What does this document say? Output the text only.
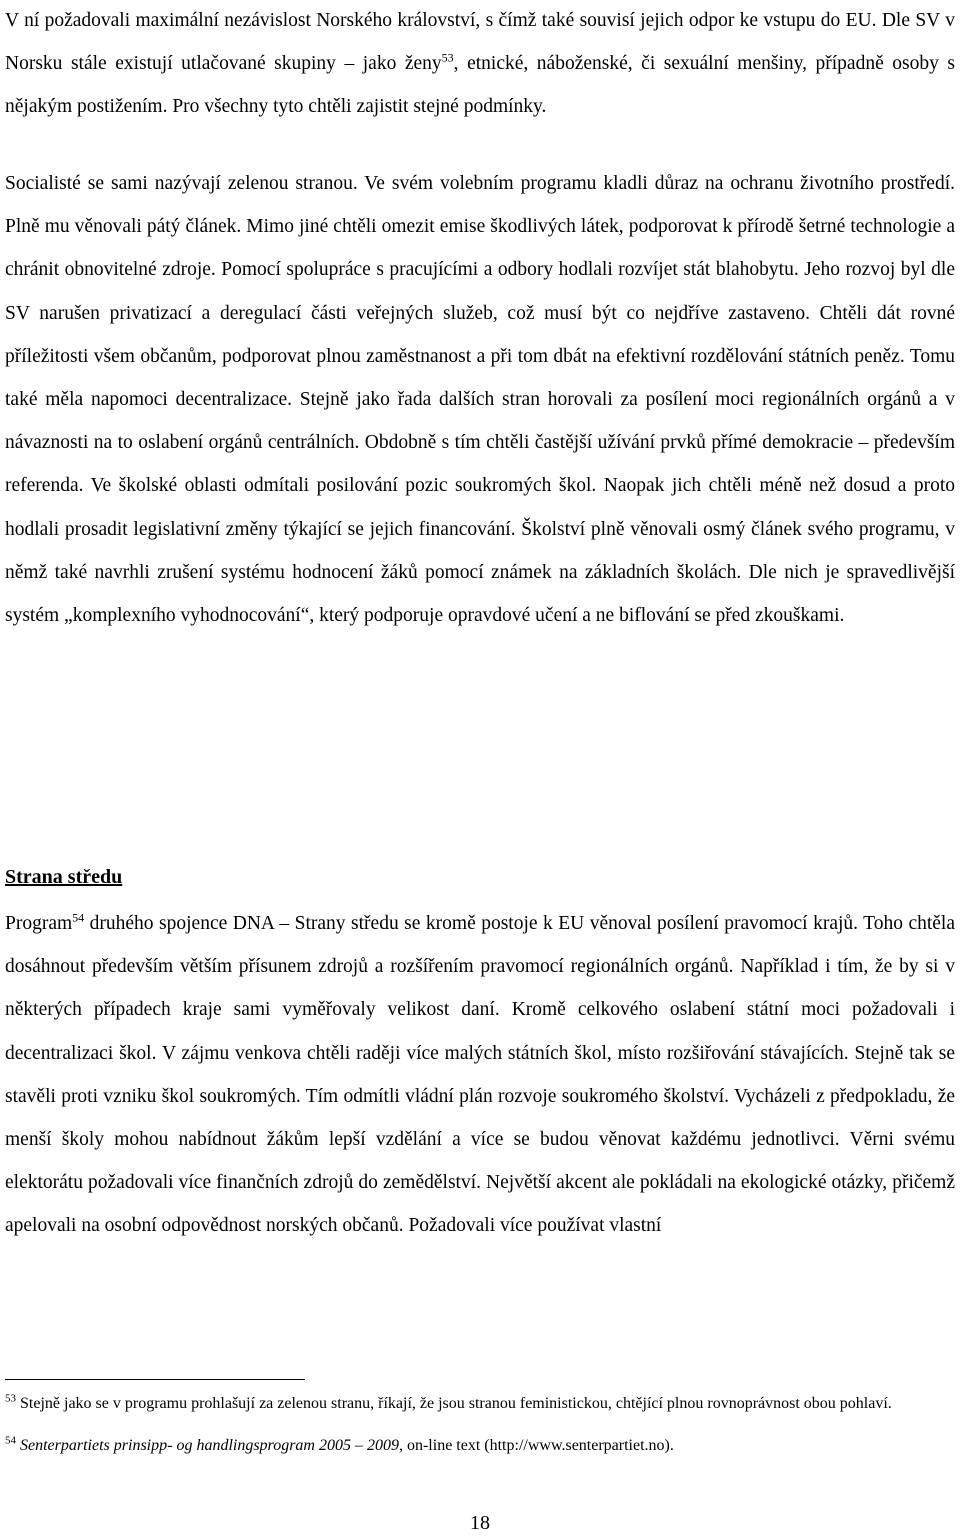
V ní požadovali maximální nezávislost Norského království, s čímž také souvisí jejich odpor ke vstupu do EU. Dle SV v Norsku stále existují utlačované skupiny – jako ženy$^{53}$, etnické, náboženské, či sexuální menšiny, případně osoby s nějakým postižením. Pro všechny tyto chtěli zajistit stejné podmínky.

Socialisté se sami nazývají zelenou stranou. Ve svém volebním programu kladli důraz na ochranu životního prostředí. Plně mu věnovali pátý článek. Mimo jiné chtěli omezit emise škodlivých látek, podporovat k přírodě šetrné technologie a chránit obnovitelné zdroje. Pomocí spolupráce s pracujícími a odbory hodlali rozvíjet stát blahobytu. Jeho rozvoj byl dle SV narušen privatizací a deregulací části veřejných služeb, což musí být co nejdříve zastaveno. Chtěli dát rovné příležitosti všem občanům, podporovat plnou zaměstnanost a při tom dbát na efektivní rozdělování státních peněz. Tomu také měla napomoci decentralizace. Stejně jako řada dalších stran horovali za posílení moci regionálních orgánů a v návaznosti na to oslabení orgánů centrálních. Obdobně s tím chtěli častější užívání prvků přímé demokracie – především referenda. Ve školské oblasti odmítali posilování pozic soukromých škol. Naopak jich chtěli méně než dosud a proto hodlali prosadit legislativní změny týkající se jejich financování. Školství plně věnovali osmý článek svého programu, v němž také navrhli zrušení systému hodnocení žáků pomocí známek na základních školách. Dle nich je spravedlivější systém „komplexního vyhodnocování“, který podporuje opravdové učení a ne biflování se před zkouškami.

Strana středu

Program$^{54}$ druhého spojence DNA – Strany středu se kromě postoje k EU věnoval posílení pravomocí krajů. Toho chtěla dosáhnout především větším přísunem zdrojů a rozšířením pravomocí regionálních orgánů. Například i tím, že by si v některých případech kraje sami vyměřovaly velikost daní. Kromě celkového oslabení státní moci požadovali i decentralizaci škol. V zájmu venkova chtěli raději více malých státních škol, místo rozšiřování stávajících. Stejně tak se stavěli proti vzniku škol soukromých. Tím odmítli vládní plán rozvoje soukromého školství. Vycházeli z předpokladu, že menší školy mohou nabídnout žákům lepší vzdělání a více se budou věnovat každému jednotlivci. Věrni svému elektorátu požadovali více finančních zdrojů do zemědělství. Největší akcent ale pokládali na ekologické otázky, přičemž apelovali na osobní odpovědnost norských občanů. Požadovali více používat vlastní

$^{53}$ Stejně jako se v programu prohlašují za zelenou stranu, říkají, že jsou stranou feministickou, chtějící plnou rovnoprávnost obou pohlaví.

$^{54}$ Senterpartiets prinsipp- og handlingsprogram 2005 – 2009, on-line text (http://www.senterpartiet.no).

18
